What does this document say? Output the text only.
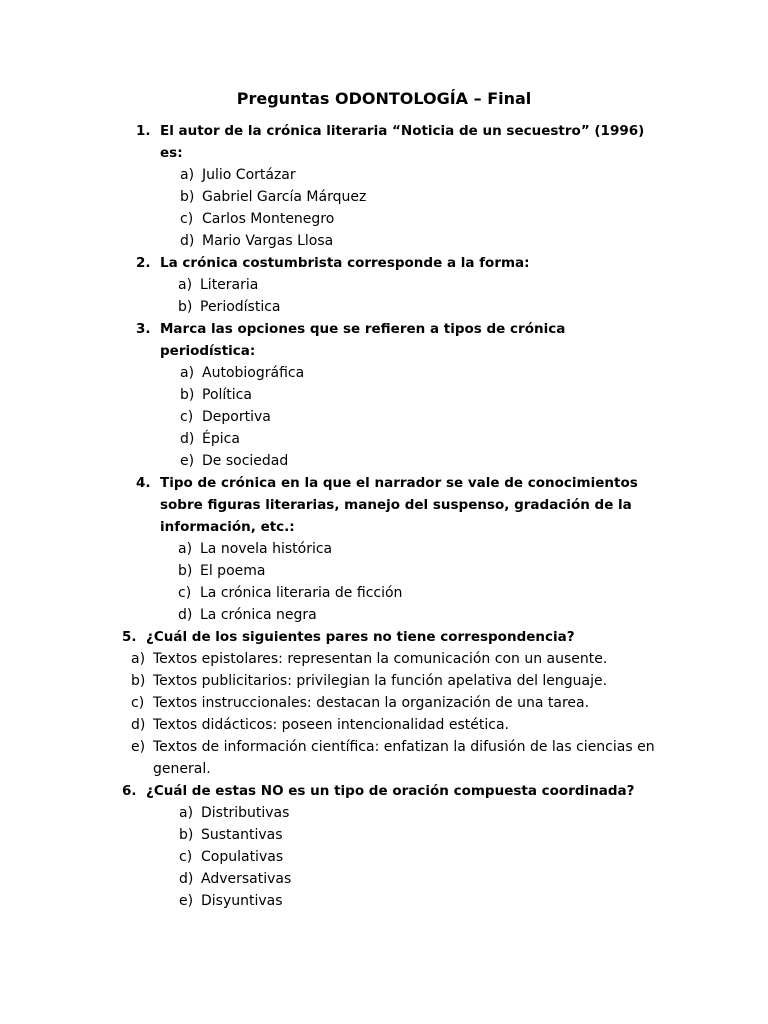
Preguntas ODONTOLOGÍA – Final
1. El autor de la crónica literaria “Noticia de un secuestro” (1996) es:
a) Julio Cortázar
b) Gabriel García Márquez
c) Carlos Montenegro
d) Mario Vargas Llosa
2. La crónica costumbrista corresponde a la forma:
a) Literaria
b) Periodística
3. Marca las opciones que se refieren a tipos de crónica periodística:
a) Autobiográfica
b) Política
c) Deportiva
d) Épica
e) De sociedad
4. Tipo de crónica en la que el narrador se vale de conocimientos sobre figuras literarias, manejo del suspenso, gradación de la información, etc.:
a) La novela histórica
b) El poema
c) La crónica literaria de ficción
d) La crónica negra
5. ¿Cuál de los siguientes pares no tiene correspondencia?
a) Textos epistolares: representan la comunicación con un ausente.
b) Textos publicitarios: privilegian la función apelativa del lenguaje.
c) Textos instruccionales: destacan la organización de una tarea.
d) Textos didácticos: poseen intencionalidad estética.
e) Textos de información científica: enfatizan la difusión de las ciencias en general.
6. ¿Cuál de estas NO es un tipo de oración compuesta coordinada?
a) Distributivas
b) Sustantivas
c) Copulativas
d) Adversativas
e) Disyuntivas
